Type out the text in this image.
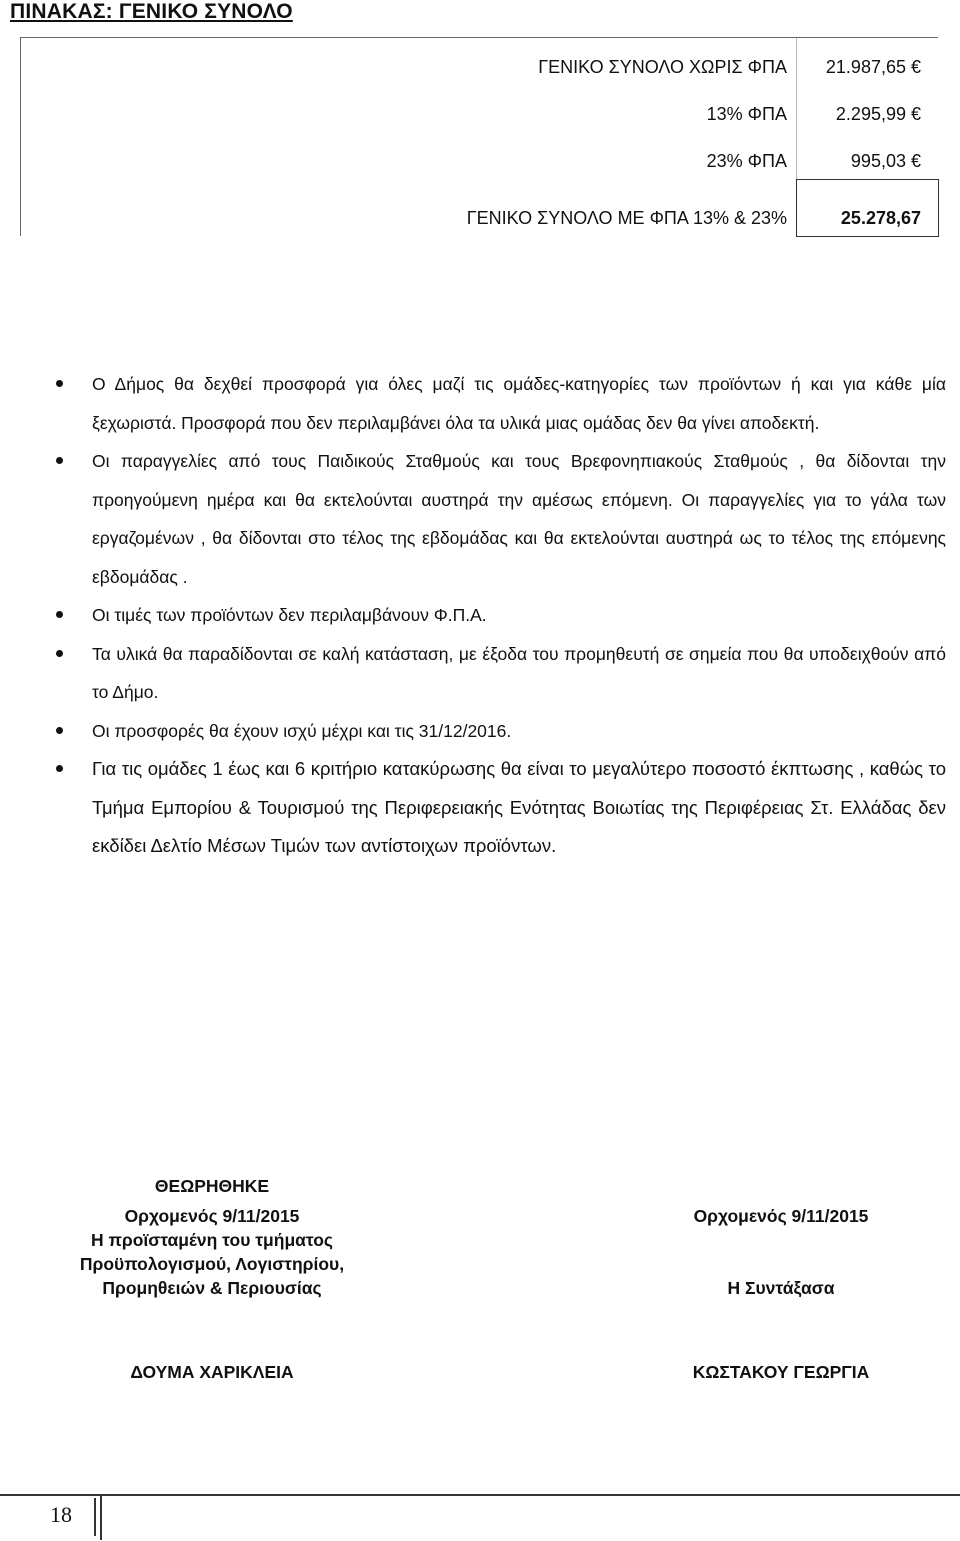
ΠΙΝΑΚΑΣ: ΓΕΝΙΚΟ ΣΥΝΟΛΟ
ΓΕΝΙΚΟ ΣΥΝΟΛΟ ΧΩΡΙΣ ΦΠΑ 21.987,65 €
13% ΦΠΑ	2.295,99 €
23% ΦΠΑ	995,03 €
ΓΕΝΙΚΟ ΣΥΝΟΛΟ ΜΕ ΦΠΑ 13% & 23%	25.278,67
Ο Δήμος θα δεχθεί προσφορά για όλες μαζί τις ομάδες-κατηγορίες των προϊόντων ή και για κάθε μία ξεχωριστά. Προσφορά που δεν περιλαμβάνει όλα τα υλικά μιας ομάδας δεν θα γίνει αποδεκτή.
Οι παραγγελίες από τους Παιδικούς Σταθμούς και τους Βρεφονηπιακούς Σταθμούς , θα δίδονται την προηγούμενη ημέρα και θα εκτελούνται αυστηρά την αμέσως επόμενη. Οι παραγγελίες για το γάλα των εργαζομένων , θα δίδονται στο τέλος της εβδομάδας και θα εκτελούνται αυστηρά ως το τέλος της επόμενης εβδομάδας .
Οι τιμές των προϊόντων δεν περιλαμβάνουν Φ.Π.Α.
Τα υλικά θα παραδίδονται σε καλή κατάσταση, με έξοδα του προμηθευτή σε σημεία που θα υποδειχθούν από το Δήμο.
Οι προσφορές θα έχουν ισχύ μέχρι και τις 31/12/2016.
Για τις ομάδες 1 έως και 6 κριτήριο κατακύρωσης θα είναι το μεγαλύτερο ποσοστό έκπτωσης , καθώς το Τμήμα Εμπορίου & Τουρισμού της Περιφερειακής Ενότητας Βοιωτίας της Περιφέρειας Στ. Ελλάδας δεν εκδίδει Δελτίο Μέσων Τιμών των αντίστοιχων προϊόντων.
ΘΕΩΡΗΘΗΚΕ
Ορχομενός 9/11/2015
Η προϊσταμένη του τμήματος
Προϋπολογισμού, Λογιστηρίου,
Προμηθειών & Περιουσίας
ΔΟΥΜΑ ΧΑΡΙΚΛΕΙΑ
Ορχομενός 9/11/2015
Η Συντάξασα
ΚΩΣΤΑΚΟΥ ΓΕΩΡΓΙΑ
18
